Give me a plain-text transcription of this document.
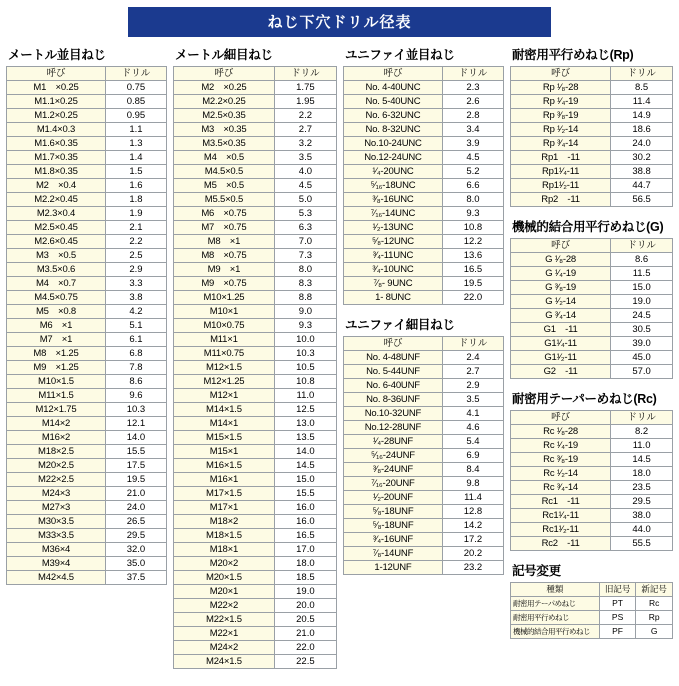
ねじ下穴ドリル径表
メートル並目ねじ
呼び	ドリル
M1　×0.25	0.75
M1.1×0.25	0.85
M1.2×0.25	0.95
M1.4×0.3	1.1
M1.6×0.35	1.3
M1.7×0.35	1.4
M1.8×0.35	1.5
M2　×0.4	1.6
M2.2×0.45	1.8
M2.3×0.4	1.9
M2.5×0.45	2.1
M2.6×0.45	2.2
M3　×0.5	2.5
M3.5×0.6	2.9
M4　×0.7	3.3
M4.5×0.75	3.8
M5　×0.8	4.2
M6　×1	5.1
M7　×1	6.1
M8　×1.25	6.8
M9　×1.25	7.8
M10×1.5	8.6
M11×1.5	9.6
M12×1.75	10.3
M14×2	12.1
M16×2	14.0
M18×2.5	15.5
M20×2.5	17.5
M22×2.5	19.5
M24×3	21.0
M27×3	24.0
M30×3.5	26.5
M33×3.5	29.5
M36×4	32.0
M39×4	35.0
M42×4.5	37.5
メートル細目ねじ
呼び	ドリル
M2　×0.25	1.75
M2.2×0.25	1.95
M2.5×0.35	2.2
M3　×0.35	2.7
M3.5×0.35	3.2
M4　×0.5	3.5
M4.5×0.5	4.0
M5　×0.5	4.5
M5.5×0.5	5.0
M6　×0.75	5.3
M7　×0.75	6.3
M8　×1	7.0
M8　×0.75	7.3
M9　×1	8.0
M9　×0.75	8.3
M10×1.25	8.8
M10×1	9.0
M10×0.75	9.3
M11×1	10.0
M11×0.75	10.3
M12×1.5	10.5
M12×1.25	10.8
M12×1	11.0
M14×1.5	12.5
M14×1	13.0
M15×1.5	13.5
M15×1	14.0
M16×1.5	14.5
M16×1	15.0
M17×1.5	15.5
M17×1	16.0
M18×2	16.0
M18×1.5	16.5
M18×1	17.0
M20×2	18.0
M20×1.5	18.5
M20×1	19.0
M22×2	20.0
M22×1.5	20.5
M22×1	21.0
M24×2	22.0
M24×1.5	22.5
ユニファイ並目ねじ
呼び	ドリル
No. 4-40UNC	2.3
No. 5-40UNC	2.6
No. 6-32UNC	2.8
No. 8-32UNC	3.4
No.10-24UNC	3.9
No.12-24UNC	4.5
¹⁄₄-20UNC	5.2
⁵⁄₁₆-18UNC	6.6
³⁄₈-16UNC	8.0
⁷⁄₁₆-14UNC	9.3
¹⁄₂-13UNC	10.8
⁵⁄₈-12UNC	12.2
³⁄₄-11UNC	13.6
³⁄₄-10UNC	16.5
⁷⁄₈- 9UNC	19.5
1- 8UNC	22.0
ユニファイ細目ねじ
呼び	ドリル
No. 4-48UNF	2.4
No. 5-44UNF	2.7
No. 6-40UNF	2.9
No. 8-36UNF	3.5
No.10-32UNF	4.1
No.12-28UNF	4.6
¹⁄₄-28UNF	5.4
⁵⁄₁₆-24UNF	6.9
³⁄₈-24UNF	8.4
⁷⁄₁₆-20UNF	9.8
¹⁄₂-20UNF	11.4
⁵⁄₈-18UNF	12.8
⁵⁄₈-18UNF	14.2
³⁄₄-16UNF	17.2
⁷⁄₈-14UNF	20.2
1-12UNF	23.2
耐密用平行めねじ(Rp)
呼び	ドリル
Rp ¹⁄₈-28	8.5
Rp ¹⁄₄-19	11.4
Rp ³⁄₈-19	14.9
Rp ¹⁄₂-14	18.6
Rp ³⁄₄-14	24.0
Rp1　-11	30.2
Rp1¹⁄₄-11	38.8
Rp1¹⁄₂-11	44.7
Rp2　-11	56.5
機械的結合用平行めねじ(G)
呼び	ドリル
G ¹⁄₈-28	8.6
G ¹⁄₄-19	11.5
G ³⁄₈-19	15.0
G ¹⁄₂-14	19.0
G ³⁄₄-14	24.5
G1　-11	30.5
G1¹⁄₄-11	39.0
G1¹⁄₂-11	45.0
G2　-11	57.0
耐密用テーパーめねじ(Rc)
呼び	ドリル
Rc ¹⁄₈-28	8.2
Rc ¹⁄₄-19	11.0
Rc ³⁄₈-19	14.5
Rc ¹⁄₂-14	18.0
Rc ³⁄₄-14	23.5
Rc1　-11	29.5
Rc1¹⁄₄-11	38.0
Rc1¹⁄₂-11	44.0
Rc2　-11	55.5
記号変更
種類	旧記号	新記号
耐密用テーパめねじ	PT	Rc
耐密用平行めねじ	PS	Rp
機械的結合用平行めねじ	PF	G
